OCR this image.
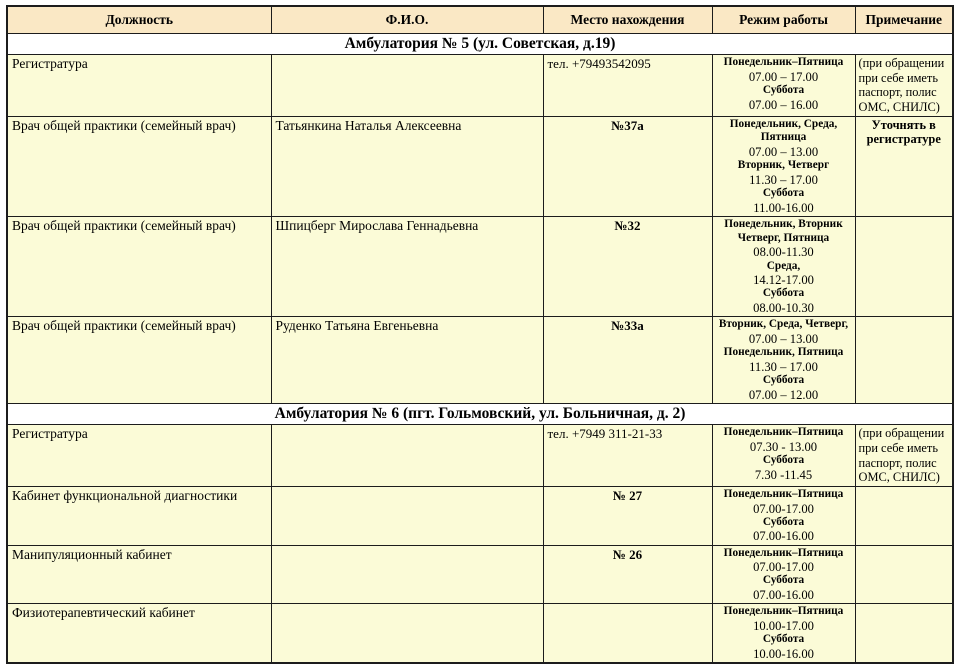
Должность	Ф.И.О.	Место нахождения	Режим работы	Примечание
Амбулатория № 5 (ул. Советская, д.19)				
Регистратура		тел. +79493542095	Понедельник–Пятница
07.00 – 17.00
Суббота
07.00 – 16.00	(при обращении при себе иметь паспорт, полис ОМС, СНИЛС)
Врач общей практики (семейный врач)	Татьянкина Наталья Алексеевна	№37а	Понедельник, Среда, Пятница
07.00 – 13.00
Вторник, Четверг
11.30 – 17.00
Суббота
11.00-16.00
	Уточнять в регистратуре
Врач общей практики (семейный врач)	Шпицберг Мирослава Геннадьевна	№32	Понедельник, Вторник Четверг, Пятница
08.00-11.30
Среда,
14.12-17.00
Суббота
08.00-10.30

Врач общей практики (семейный врач)	Руденко Татьяна Евгеньевна	№33а	Вторник, Среда, Четверг,
07.00 – 13.00
Понедельник, Пятница
11.30 – 17.00
Суббота
07.00 – 12.00

Амбулатория № 6 (пгт. Гольмовский, ул. Больничная, д. 2)				
Регистратура		тел. +7949 311-21-33	Понедельник–Пятница
07.30 - 13.00
Суббота
7.30 -11.45	(при обращении при себе иметь паспорт, полис ОМС, СНИЛС)
Кабинет функциональной диагностики		№ 27	Понедельник–Пятница
07.00-17.00
Суббота
07.00-16.00	

Манипуляционный кабинет		№ 26	Понедельник–Пятница
07.00-17.00
Суббота
07.00-16.00	

Физиотерапевтический кабинет			Понедельник–Пятница
10.00-17.00
Суббота
10.00-16.00	
